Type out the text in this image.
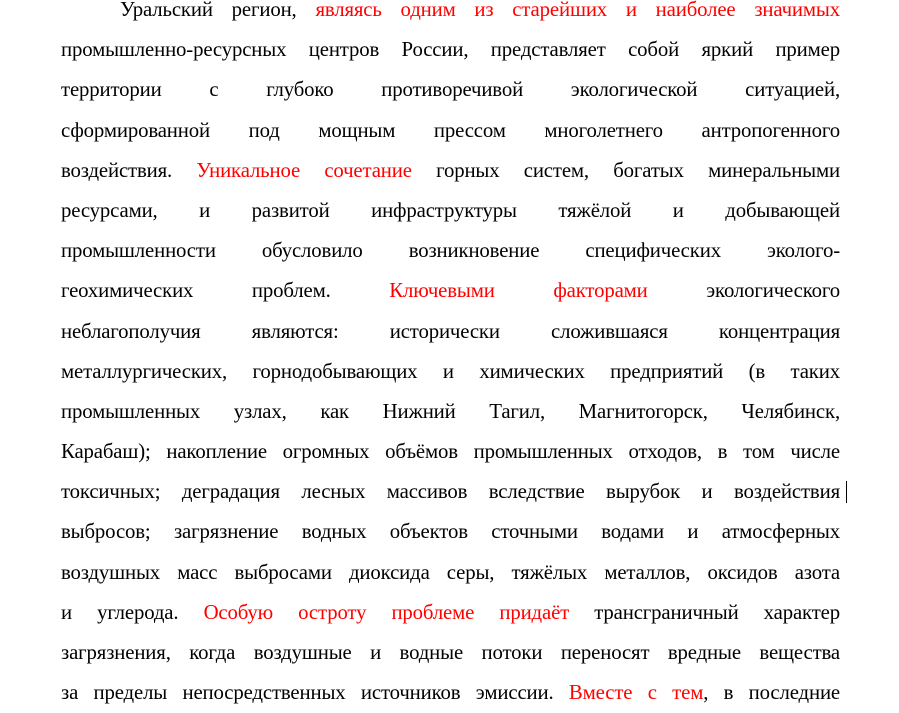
Уральский регион, являясь одним из старейших и наиболее значимых
промышленно-ресурсных центров России, представляет собой яркий пример
территории с глубоко противоречивой экологической ситуацией,
сформированной под мощным прессом многолетнего антропогенного
воздействия. Уникальное сочетание горных систем, богатых минеральными
ресурсами, и развитой инфраструктуры тяжёлой и добывающей
промышленности обусловило возникновение специфических эколого-
геохимических проблем. Ключевыми факторами экологического
неблагополучия являются: исторически сложившаяся концентрация
металлургических, горнодобывающих и химических предприятий (в таких
промышленных узлах, как Нижний Тагил, Магнитогорск, Челябинск,
Карабаш); накопление огромных объёмов промышленных отходов, в том числе
токсичных; деградация лесных массивов вследствие вырубок и воздействия
выбросов; загрязнение водных объектов сточными водами и атмосферных
воздушных масс выбросами диоксида серы, тяжёлых металлов, оксидов азота
и углерода. Особую остроту проблеме придаёт трансграничный характер
загрязнения, когда воздушные и водные потоки переносят вредные вещества
за пределы непосредственных источников эмиссии. Вместе с тем, в последние
